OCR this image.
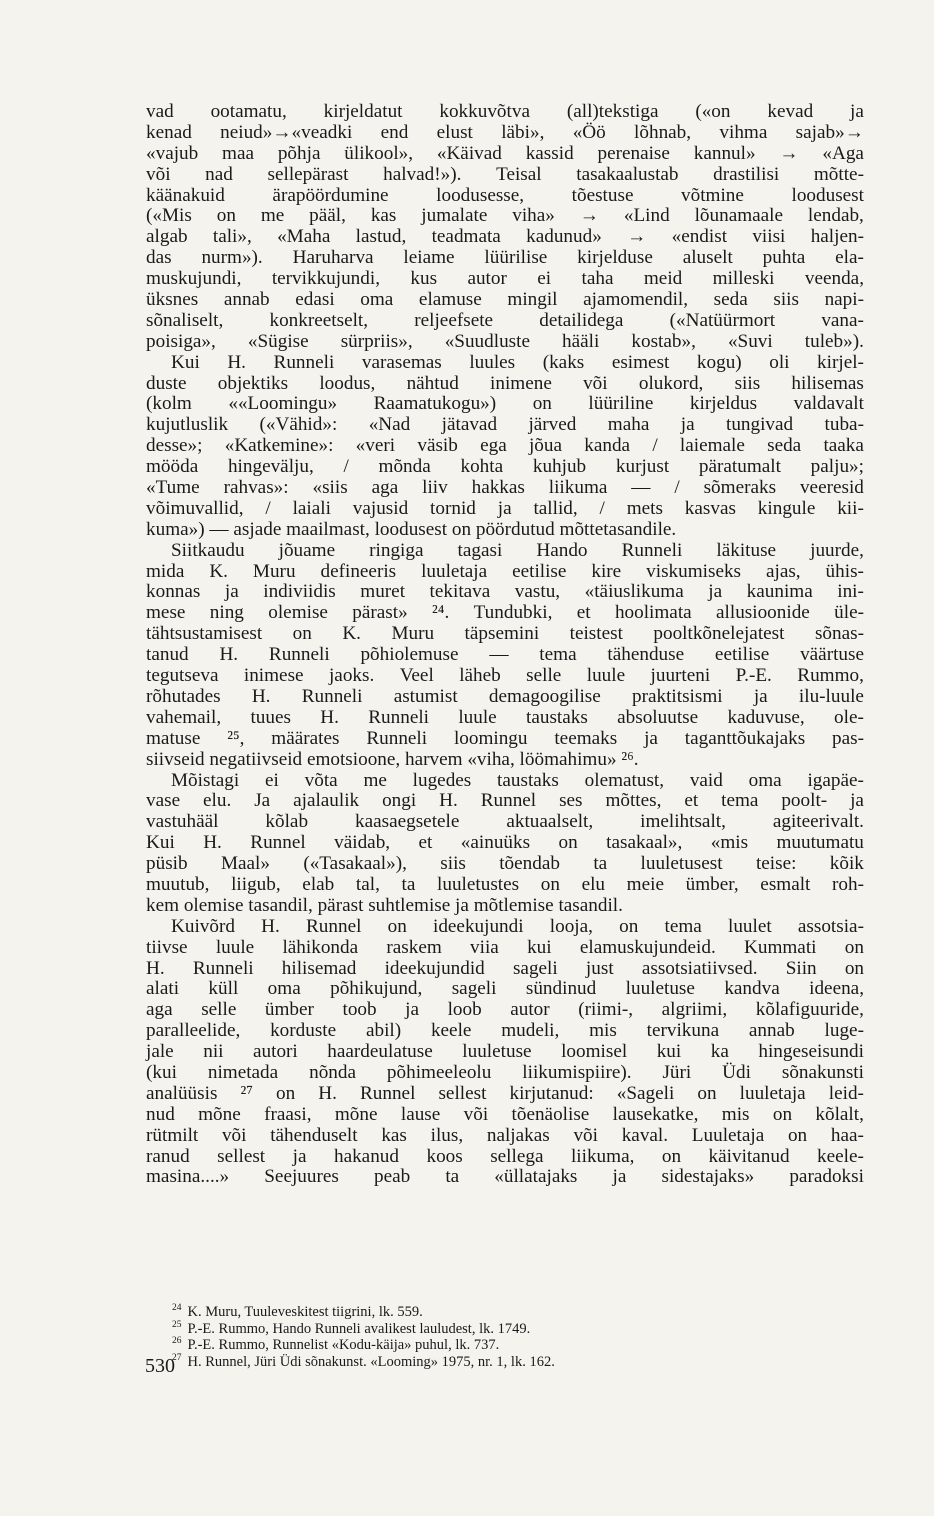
vad ootamatu, kirjeldatut kokkuvõtva (all)tekstiga («on kevad ja
kenad neiud»→«veadki end elust läbi», «Öö lõhnab, vihma sajab»→
«vajub maa põhja ülikool», «Käivad kassid perenaise kannul» → «Aga
või nad sellepärast halvad!»). Teisal tasakaalustab drastilisi mõtte-
käänakuid ärapöördumine loodusesse, tõestuse võtmine loodusest
(«Mis on me pääl, kas jumalate viha» → «Lind lõunamaale lendab,
algab tali», «Maha lastud, teadmata kadunud» → «endist viisi haljen-
das nurm»). Haruharva leiame lüürilise kirjelduse aluselt puhta ela-
muskujundi, tervikkujundi, kus autor ei taha meid milleski veenda,
üksnes annab edasi oma elamuse mingil ajamomendil, seda siis napi-
sõnaliselt, konkreetselt, reljeefsete detailidega («Natüürmort vana-
poisiga», «Sügise sürpriis», «Suudluste hääli kostab», «Suvi tuleb»).
Kui H. Runneli varasemas luules (kaks esimest kogu) oli kirjel-
duste objektiks loodus, nähtud inimene või olukord, siis hilisemas
(kolm ««Loomingu» Raamatukogu») on lüüriline kirjeldus valdavalt
kujutluslik («Vähid»: «Nad jätavad järved maha ja tungivad tuba-
desse»; «Katkemine»: «veri väsib ega jõua kanda / laiemale seda taaka
mööda hingevälju, / mõnda kohta kuhjub kurjust päratumalt palju»;
«Tume rahvas»: «siis aga liiv hakkas liikuma — / sõmeraks veeresid
võimuvallid, / laiali vajusid tornid ja tallid, / mets kasvas kingule kii-
kuma») — asjade maailmast, loodusest on pöördutud mõttetasandile.
Siitkaudu jõuame ringiga tagasi Hando Runneli läkituse juurde,
mida K. Muru defineeris luuletaja eetilise kire viskumiseks ajas, ühis-
konnas ja indiviidis muret tekitava vastu, «täiuslikuma ja kaunima ini-
mese ning olemise pärast» ²⁴. Tundubki, et hoolimata allusioonide üle-
tähtsustamisest on K. Muru täpsemini teistest pooltkõnelejatest sõnas-
tanud H. Runneli põhiolemuse — tema tähenduse eetilise väärtuse
tegutseva inimese jaoks. Veel läheb selle luule juurteni P.-E. Rummo,
rõhutades H. Runneli astumist demagoogilise praktitsismi ja ilu-luule
vahemail, tuues H. Runneli luule taustaks absoluutse kaduvuse, ole-
matuse ²⁵, määrates Runneli loomingu teemaks ja taganttõukajaks pas-
siivseid negatiivseid emotsioone, harvem «viha, löömahimu» ²⁶.
Mõistagi ei võta me lugedes taustaks olematust, vaid oma igapäe-
vase elu. Ja ajalaulik ongi H. Runnel ses mõttes, et tema poolt- ja
vastuhääl kõlab kaasaegsetele aktuaalselt, imelihtsalt, agiteerivalt.
Kui H. Runnel väidab, et «ainuüks on tasakaal», «mis muutumatu
püsib Maal» («Tasakaal»), siis tõendab ta luuletusest teise: kõik
muutub, liigub, elab tal, ta luuletustes on elu meie ümber, esmalt roh-
kem olemise tasandil, pärast suhtlemise ja mõtlemise tasandil.
Kuivõrd H. Runnel on ideekujundi looja, on tema luulet assotsia-
tiivse luule lähikonda raskem viia kui elamuskujundeid. Kummati on
H. Runneli hilisemad ideekujundid sageli just assotsiatiivsed. Siin on
alati küll oma põhikujund, sageli sündinud luuletuse kandva ideena,
aga selle ümber toob ja loob autor (riimi-, algriimi, kõlafiguuride,
paralleelide, korduste abil) keele mudeli, mis tervikuna annab luge-
jale nii autori haardeulatuse luuletuse loomisel kui ka hingeseisundi
(kui nimetada nõnda põhimeeleolu liikumispiire). Jüri Üdi sõnakunsti
analüüsis ²⁷ on H. Runnel sellest kirjutanud: «Sageli on luuletaja leid-
nud mõne fraasi, mõne lause või tõenäolise lausekatke, mis on kõlalt,
rütmilt või tähenduselt kas ilus, naljakas või kaval. Luuletaja on haa-
ranud sellest ja hakanud koos sellega liikuma, on käivitanud keele-
masina....» Seejuures peab ta «üllatajaks ja sidestajaks» paradoksi
$^{24}$ K. Muru, Tuuleveskitest tiigrini, lk. 559.
$^{25}$ P.-E. Rummo, Hando Runneli avalikest lauludest, lk. 1749.
$^{26}$ P.-E. Rummo, Runnelist «Kodu-käija» puhul, lk. 737.
$^{27}$ H. Runnel, Jüri Üdi sõnakunst. «Looming» 1975, nr. 1, lk. 162.
530
